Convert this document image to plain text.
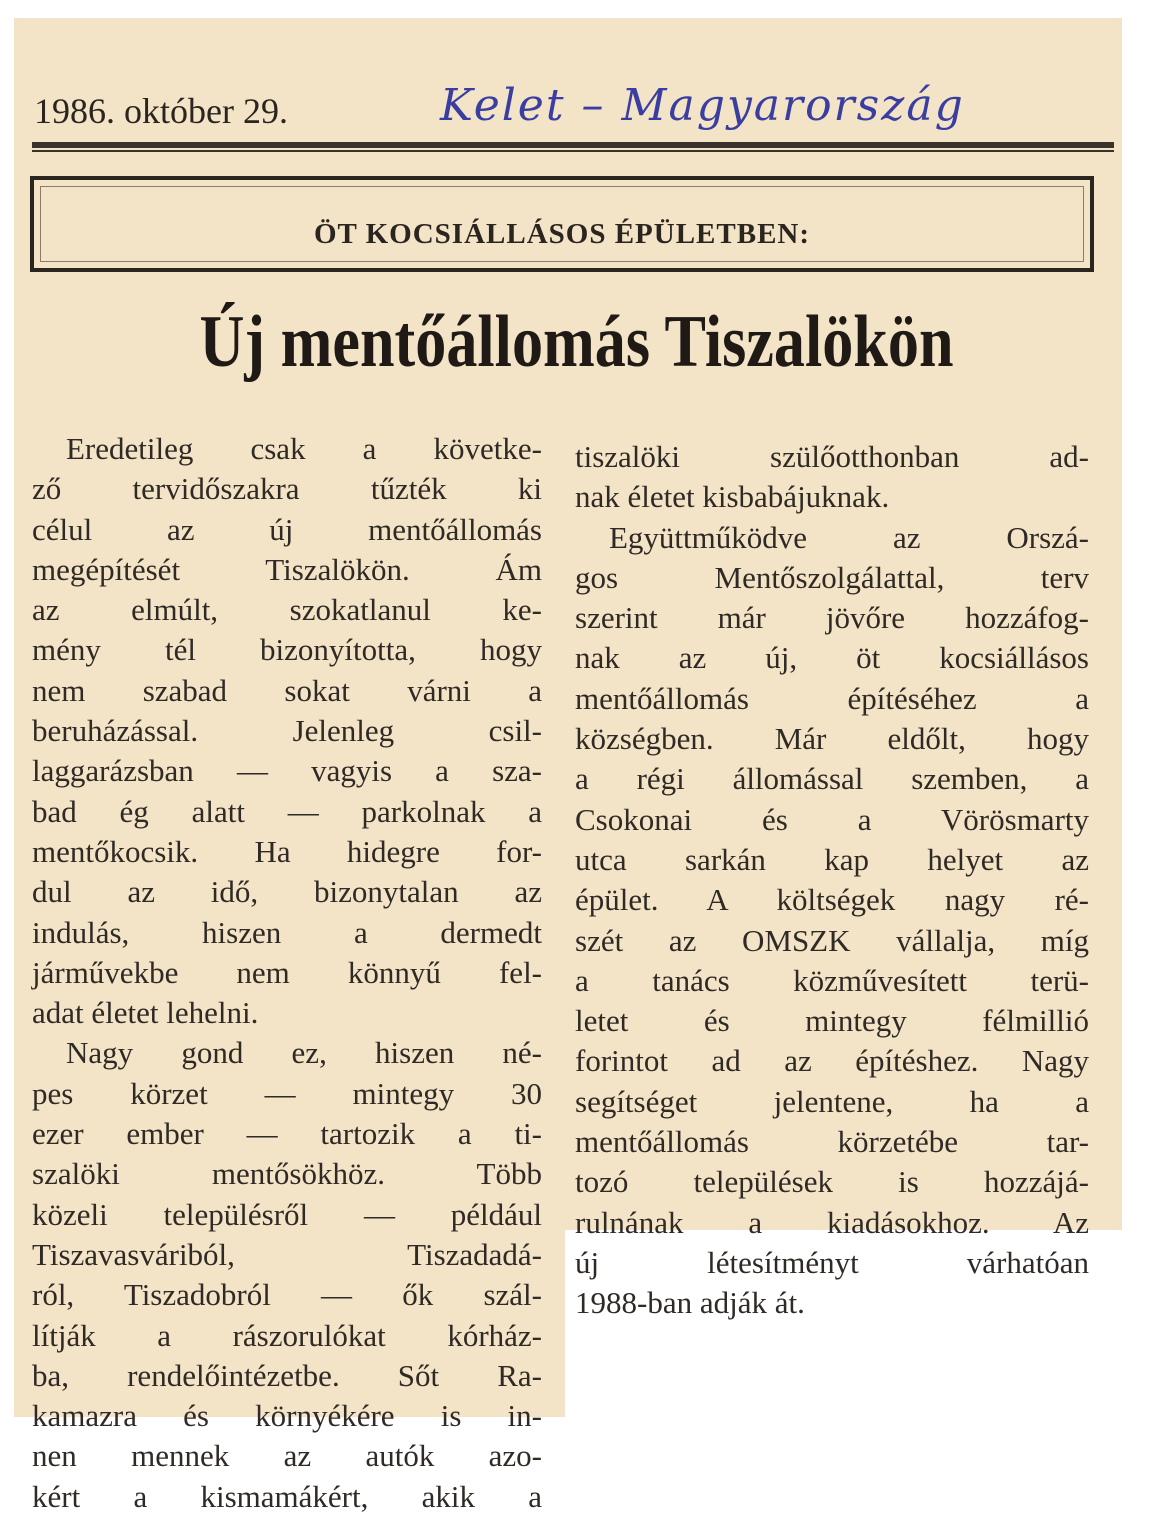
1986. október 29.	Kelet – Magyarország
ÖT KOCSIÁLLÁSOS ÉPÜLETBEN:
Új mentőállomás Tiszalökön
Eredetileg csak a követke-
ző tervidőszakra tűzték ki
célul az új mentőállomás
megépítését Tiszalökön. Ám
az elmúlt, szokatlanul ke-
mény tél bizonyította, hogy
nem szabad sokat várni a
beruházással. Jelenleg csil-
laggarázsban — vagyis a sza-
bad ég alatt — parkolnak a
mentőkocsik. Ha hidegre for-
dul az idő, bizonytalan az
indulás, hiszen a dermedt
járművekbe nem könnyű fel-
adat életet lehelni.
Nagy gond ez, hiszen né-
pes körzet — mintegy 30
ezer ember — tartozik a ti-
szalöki mentősökhöz. Több
közeli településről — például
Tiszavasváriból, Tiszadadá-
ról, Tiszadobról — ők szál-
lítják a rászorulókat kórház-
ba, rendelőintézetbe. Sőt Ra-
kamazra és környékére is in-
nen mennek az autók azo-
kért a kismamákért, akik a
tiszalöki szülőotthonban ad-
nak életet kisbabájuknak.
Együttműködve az Orszá-
gos Mentőszolgálattal, terv
szerint már jövőre hozzáfog-
nak az új, öt kocsiállásos
mentőállomás építéséhez a
községben. Már eldőlt, hogy
a régi állomással szemben, a
Csokonai és a Vörösmarty
utca sarkán kap helyet az
épület. A költségek nagy ré-
szét az OMSZK vállalja, míg
a tanács közművesített terü-
letet és mintegy félmillió
forintot ad az építéshez. Nagy
segítséget jelentene, ha a
mentőállomás körzetébe tar-
tozó települések is hozzájá-
rulnának a kiadásokhoz. Az
új létesítményt várhatóan
1988-ban adják át.
